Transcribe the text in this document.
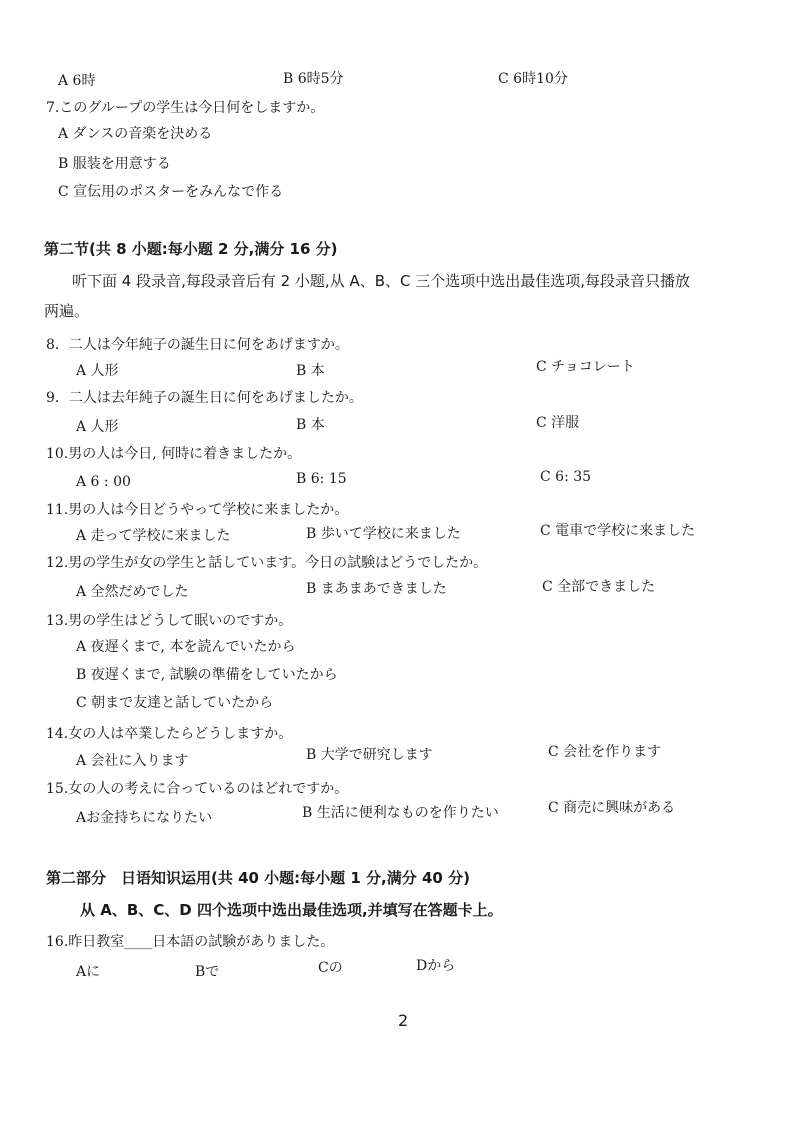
A 6時	B 6時5分	C 6時10分
7.このグループの学生は今日何をしますか。
A ダンスの音楽を決める
B 服装を用意する
C 宣伝用のポスターをみんなで作る
第二节(共 8 小题:每小题 2 分,满分 16 分)
听下面 4 段录音,每段录音后有 2 小题,从 A、B、C 三个选项中选出最佳选项,每段录音只播放
两遍。
8．二人は今年純子の誕生日に何をあげますか。
A 人形	B 本	C チョコレート
9．二人は去年純子の誕生日に何をあげましたか。
A 人形	B 本	C 洋服
10.男の人は今日, 何時に着きましたか。
A 6 : 00	B 6: 15	C 6: 35
11.男の人は今日どうやって学校に来ましたか。
A 走って学校に来ました	B 歩いて学校に来ました	C 電車で学校に来ました
12.男の学生が女の学生と話しています。今日の試験はどうでしたか。
A 全然だめでした	B まあまあできました	C 全部できました
13.男の学生はどうして眠いのですか。
A 夜遅くまで, 本を読んでいたから
B 夜遅くまで, 試験の準備をしていたから
C 朝まで友達と話していたから
14.女の人は卒業したらどうしますか。
A 会社に入ります	B 大学で研究します	C 会社を作ります
15.女の人の考えに合っているのはどれですか。
Aお金持ちになりたい	B 生活に便利なものを作りたい	C 商売に興味がある
第二部分　日语知识运用(共 40 小题:每小题 1 分,满分 40 分)
从 A、B、C、D 四个选项中选出最佳选项,并填写在答题卡上。
16.昨日教室____日本語の試験がありました。
Aに	Bで	Cの	Dから
2
